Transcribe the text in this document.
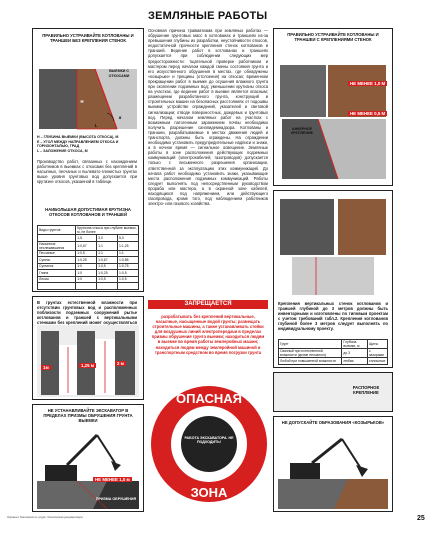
ПРАВИЛЬНО УСТРАИВАЙТЕ КОТЛОВАНЫ И ТРАНШЕИ БЕЗ КРЕПЛЕНИЯ СТЕНОК
ВЫЕМКИ С ОТКОСАМИ
H
L
α
H – ГЛУБИНА ВЫЕМКИ (ВЫСОТА ОТКОСА), М
E – УГОЛ МЕЖДУ НАПРАВЛЕНИЕМ ОТКОСА И ГОРИЗОНТАЛЬЮ, ГРАД
L – ЗАЛОЖЕНИЕ ОТКОСА, М
Производство работ, связанных с нахождением работников в выемках с откосами без креплений в насыпных, песчаных и пылевато-глинистых грунтах выше уровня грунтовых вод допускается при крутизне откосов, указанной в таблице.
НАИБОЛЬШАЯ ДОПУСТИМАЯ КРУТИЗНА ОТКОСОВ КОТЛОВАНОВ И ТРАНШЕЙ
Виды грунтов	Крутизна откоса при глубине выемки, м, не более		
	1,5	3,0	5,0
Насыпные неслежавшиеся	1:0,67	1:1	1:1,25
Песчаные	1:0,5	1:1	1:1
Супесь	1:0,25	1:0,67	1:0,85
Суглинок	1:0	1:0,5	1:0,75
Глина	1:0	1:0,25	1:0,5
Лессы	1:0	1:0,5	1:0,5

В грунтах естественной влажности при отсутствии грунтовых вод и расположенных поблизости подземных сооружений рытье котлованов и траншей с вертикальными стенками без креплений может осуществляться
1м	1,25 м	2 м
НЕ УСТАНАВЛИВАЙТЕ ЭКСКАВАТОР В ПРЕДЕЛАХ ПРИЗМЫ ОБРУШЕНИЯ ГРУНТА ВЫЕМКИ
НЕ МЕНЕЕ 1,0 м
ПРИЗМА ОБРУШЕНИЯ
ЗЕМЛЯНЫЕ РАБОТЫ
Основная причина травматизма при земляных работах — обрушение грунтовых масс в котлованах и траншеях из-за превышения глубины их разработки, неустойчивости откосов, недостаточной прочности крепления стенок котлованов и траншей. Ведение работ в котлованах и траншеях допускается при соблюдении следующих мер предосторожности: тщательной проверке работником и мастером перед началом каждой смены состояния грунта и его искусственного обрушения в местах, где обнаружены «козырьки» и трещины (отслоения) на откосах; временном прекращении работ в выемке до осушения влажного грунта при скоплении подземных вод; уменьшении крутизны откоса на участках, где ведение работ в выемке является опасным; размещении разработанного грунта, конструкций и строительных машин на безопасных расстояниях от подошвы выемки; устройстве ограждений, указателей и световой сигнализации; отводе поверхностных, дождевых и грунтовых вод. Перед началом земляных работ на участках с возможным патогенным заражением почвы необходимо получить разрешение санэпидемнадзора. Котлованы и траншеи, разрабатываемые в местах движения людей и транспорта, должны быть ограждены. На ограждении необходимо установить предупредительные надписи и знаки, а в ночное время — сигнальное освещение. Земляные работы в зоне расположения действующих подземных коммуникаций (электрокабелей, газопроводов) допускается только с письменного разрешения организации, ответственной за эксплуатацию этих коммуникаций. До начала работ необходимо установить знаки, указывающие места расположения подземных коммуникаций. Работы следует выполнять под непосредственным руководством прораба или мастера, а в охранной зоне кабелей, находящихся под напряжением, или действующего газопровода, кроме того, под наблюдением работников электро- или газового хозяйства.
ЗАПРЕЩАЕТСЯ
разрабатывать без креплений вертикальные, насыпные, насыщенные водой грунты; размещать строительные машины, а также устанавливать стойки для воздушных линий электропередачи в пределах призмы обрушения грунта выемки; находиться людям в выемке во время работы землеройных машин; находиться людям между землеройной машиной и транспортным средством во время погрузки грунта
ОПАСНАЯ
РАБОТА ЭКСКАВАТОРА. НЕ ПОДХОДИТЬ!
ЗОНА
ПРАВИЛЬНО УСТРАИВАЙТЕ КОТЛОВАНЫ И ТРАНШЕИ С КРЕПЛЕНИЯМИ СТЕНОК
НЕ МЕНЕЕ 1,0 М
НЕ МЕНЕЕ 0,5 М
АНКЕРНОЕ КРЕПЛЕНИЕ
Крепления вертикальных стенок котлованов и траншей глубиной до 3 метров должны быть инвентарными и изготовлены по типовым проектам с учетом требований табл.2. Крепления котлованов глубиной более 3 метров следует выполнять по индивидуальному проекту.
Грунт	Глубина выемки, м	Щиты
Связный при естественной влажности (кроме песчаного)	до 3	с зазорами
Любой при повышенной влажности	любая	сплошные
РАСПОРНОЕ КРЕПЛЕНИЕ
НЕ ДОПУСКАЙТЕ ОБРАЗОВАНИЯ «КОЗЫРЬКОВ»
Охрана и безопасность труда. Техническая документация.	25
